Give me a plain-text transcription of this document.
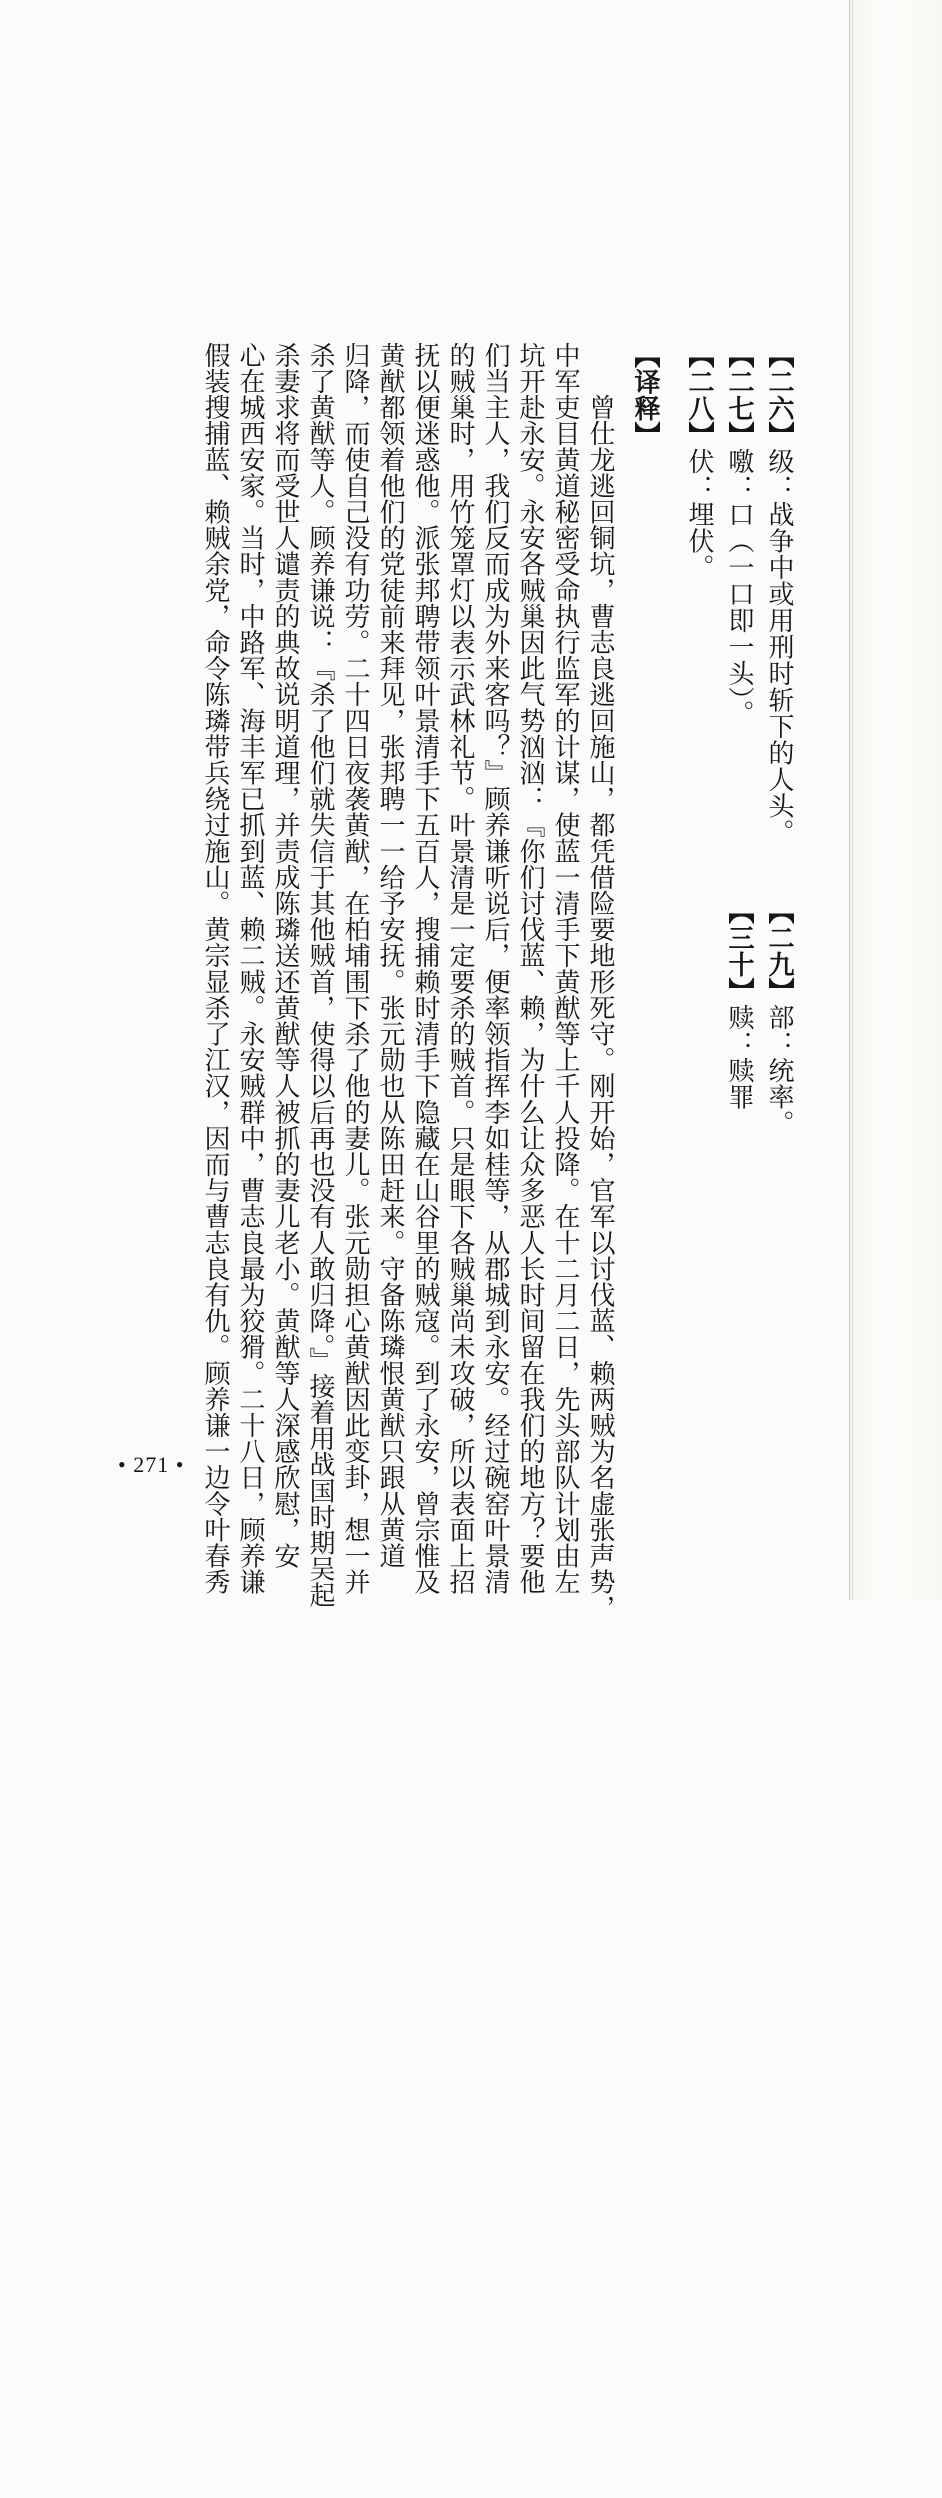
【二六】级：战争中或用刑时斩下的人头。
【二七】噭：口（一口即一头）。
【二八】伏：埋伏。
【二九】部：统率。
【三十】赎：赎罪
【译释】
　　曾仕龙逃回铜坑，曹志良逃回施山，都凭借险要地形死守。刚开始，官军以讨伐蓝、赖两贼为名虚张声势，
中军吏目黄道秘密受命执行监军的计谋，使蓝一清手下黄猷等上千人投降。在十二月二日，先头部队计划由左
坑开赴永安。永安各贼巢因此气势汹汹：『你们讨伐蓝、赖，为什么让众多恶人长时间留在我们的地方？要他
们当主人，我们反而成为外来客吗？』顾养谦听说后，便率领指挥李如桂等，从郡城到永安。经过碗窑叶景清
的贼巢时，用竹笼罩灯以表示武林礼节。叶景清是一定要杀的贼首。只是眼下各贼巢尚未攻破，所以表面上招
抚以便迷惑他。派张邦聘带领叶景清手下五百人，搜捕赖时清手下隐藏在山谷里的贼寇。到了永安，曾宗惟及
黄猷都领着他们的党徒前来拜见，张邦聘一一给予安抚。张元勋也从陈田赶来。守备陈璘恨黄猷只跟从黄道
归降，而使自己没有功劳。二十四日夜袭黄猷，在柏埔围下杀了他的妻儿。张元勋担心黄猷因此变卦，想一并
杀了黄猷等人。顾养谦说：『杀了他们就失信于其他贼首，使得以后再也没有人敢归降。』接着用战国时期吴起
杀妻求将而受世人谴责的典故说明道理，并责成陈璘送还黄猷等人被抓的妻儿老小。黄猷等人深感欣慰，安
心在城西安家。当时，中路军、海丰军已抓到蓝、赖二贼。永安贼群中，曹志良最为狡猾。二十八日，顾养谦
假装搜捕蓝、赖贼余党，命令陈璘带兵绕过施山。黄宗显杀了江汉，因而与曹志良有仇。顾养谦一边令叶春秀
• 271 •
